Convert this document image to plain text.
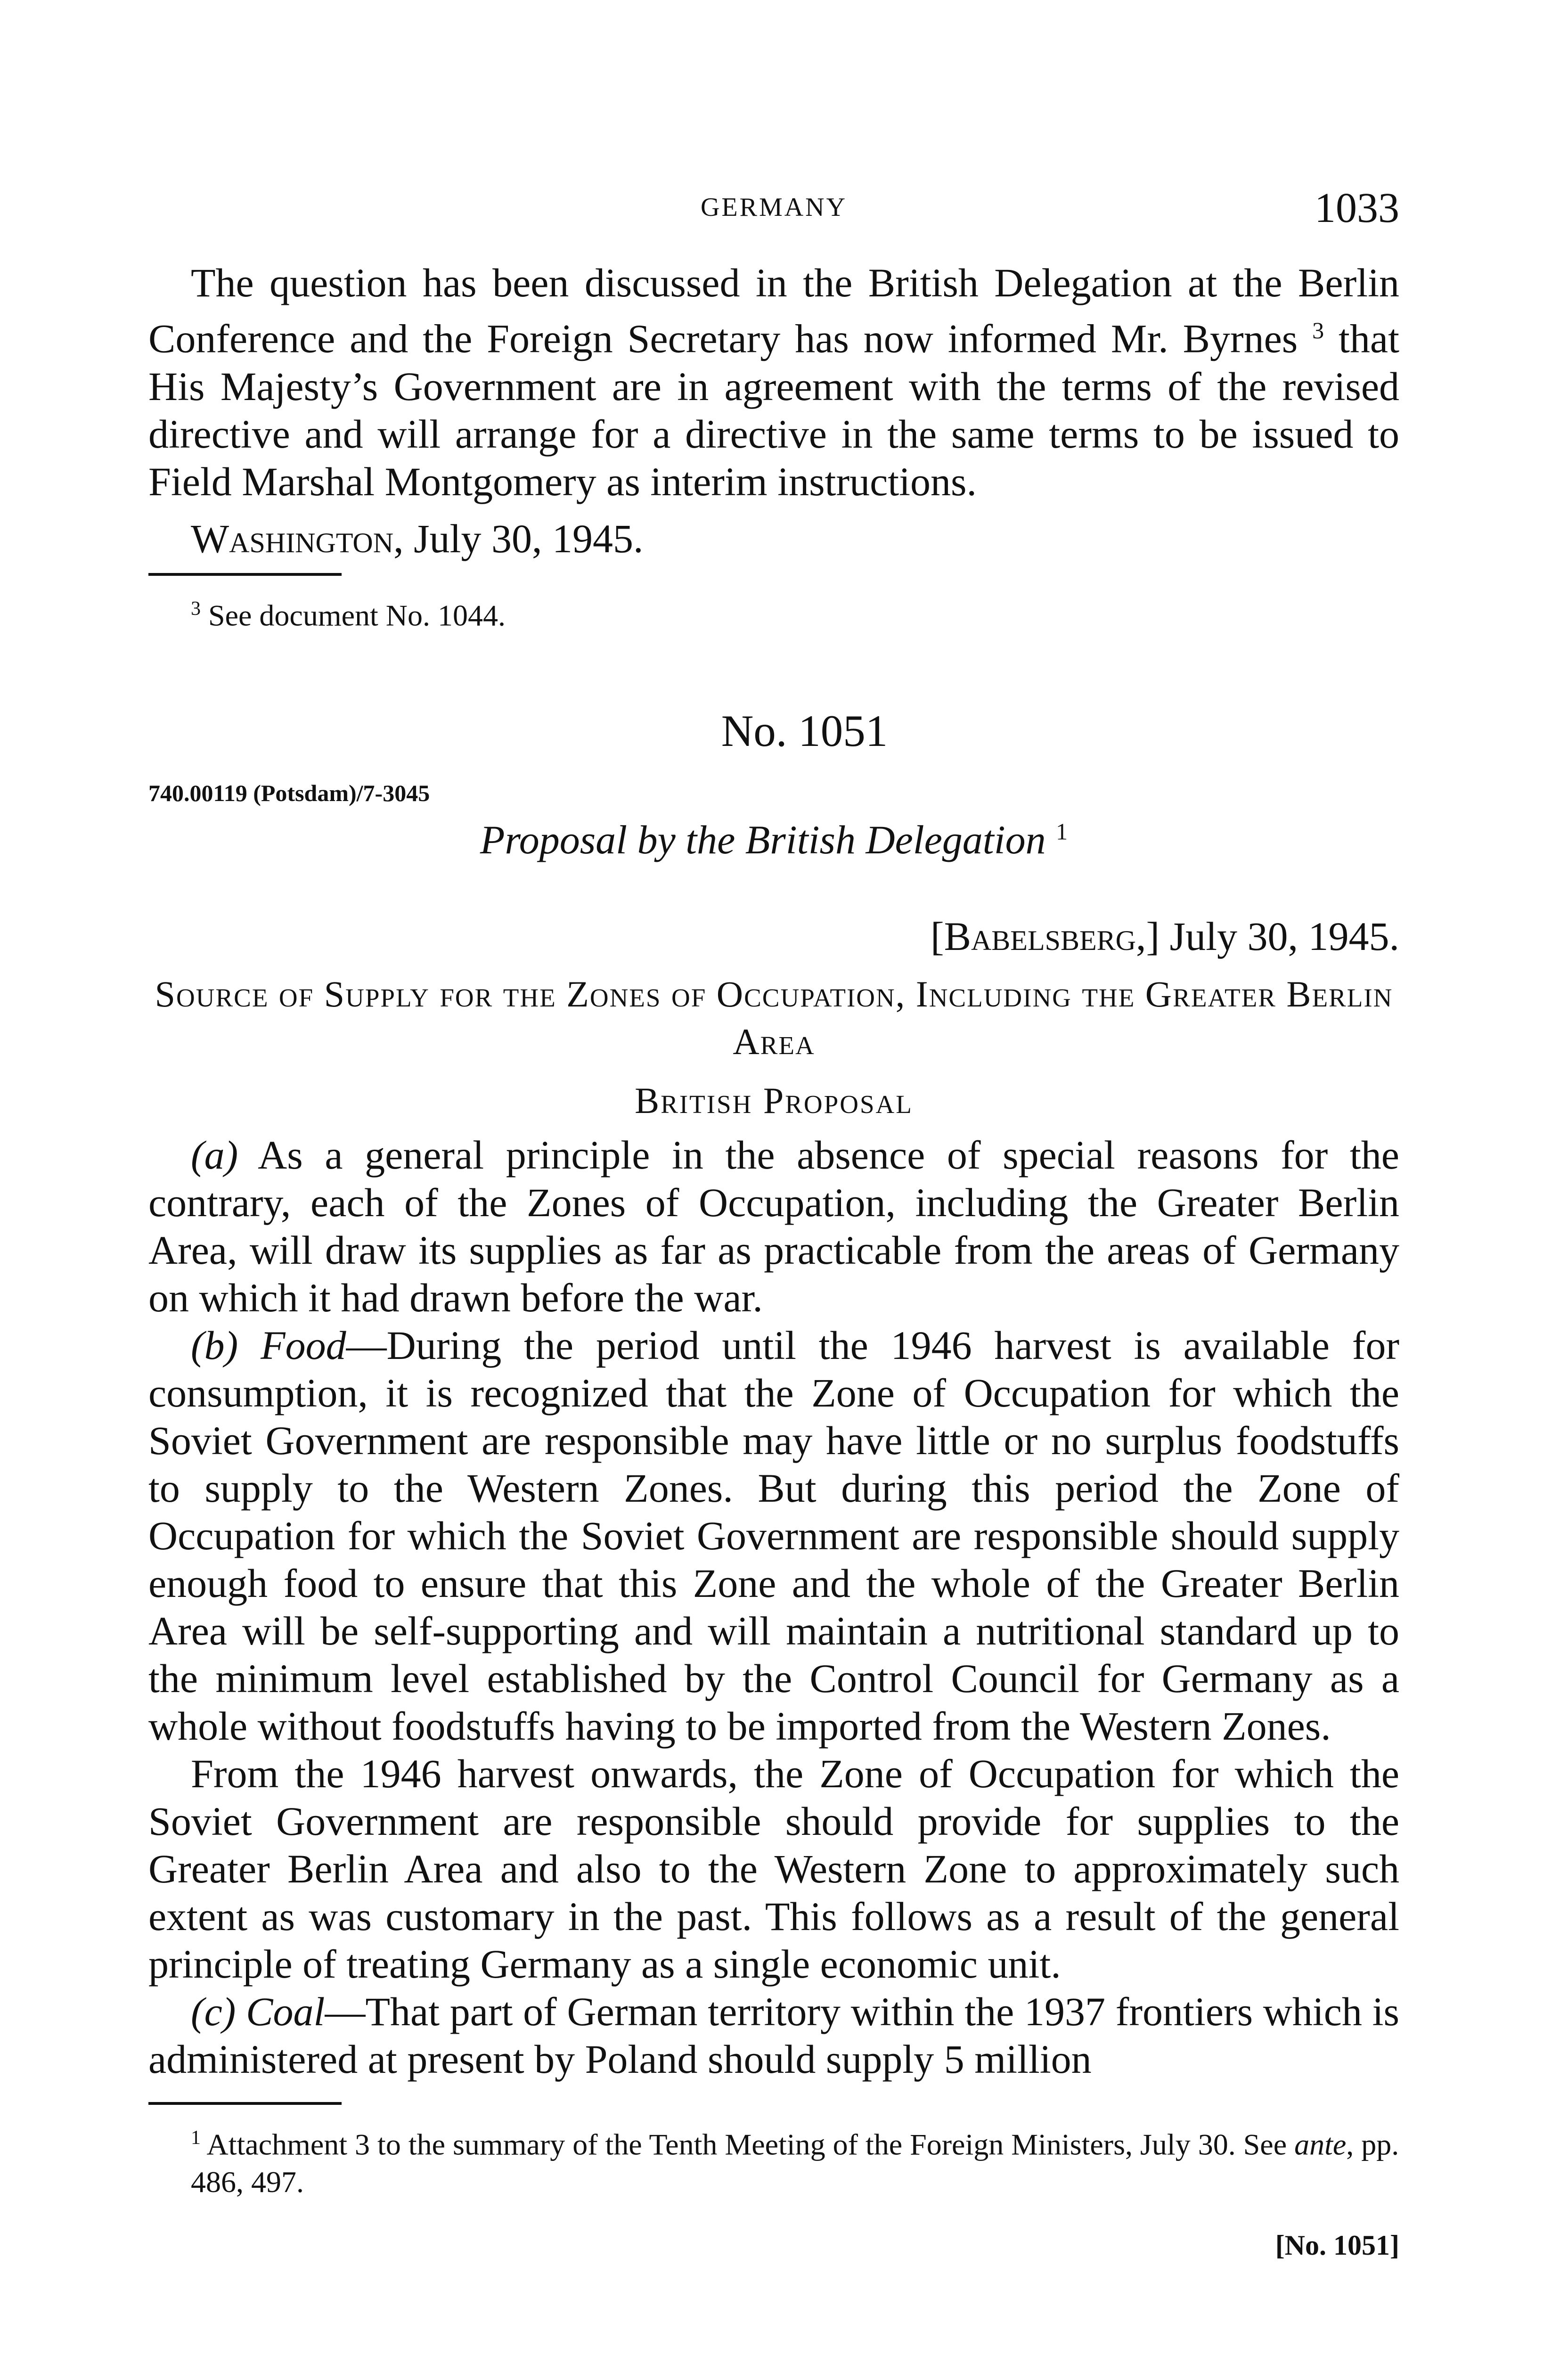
GERMANY	1033

The question has been discussed in the British Delegation at the Berlin Conference and the Foreign Secretary has now informed Mr. Byrnes $^3$ that His Majesty’s Government are in agreement with the terms of the revised directive and will arrange for a directive in the same terms to be issued to Field Marshal Montgomery as interim instructions.

Washington, July 30, 1945.
$^3$ See document No. 1044.
No. 1051
740.00119 (Potsdam)/7-3045
Proposal by the British Delegation $^1$
[Babelsberg,] July 30, 1945.
Source of Supply for the Zones of Occupation, Including the Greater Berlin Area
British Proposal

(a) As a general principle in the absence of special reasons for the contrary, each of the Zones of Occupation, including the Greater Berlin Area, will draw its supplies as far as practicable from the areas of Germany on which it had drawn before the war.

(b) Food—During the period until the 1946 harvest is available for consumption, it is recognized that the Zone of Occupation for which the Soviet Government are responsible may have little or no surplus foodstuffs to supply to the Western Zones. But during this period the Zone of Occupation for which the Soviet Government are responsible should supply enough food to ensure that this Zone and the whole of the Greater Berlin Area will be self-supporting and will maintain a nutritional standard up to the minimum level established by the Control Council for Germany as a whole without foodstuffs having to be imported from the Western Zones.

From the 1946 harvest onwards, the Zone of Occupation for which the Soviet Government are responsible should provide for supplies to the Greater Berlin Area and also to the Western Zone to approximately such extent as was customary in the past. This follows as a result of the general principle of treating Germany as a single economic unit.

(c) Coal—That part of German territory within the 1937 frontiers which is administered at present by Poland should supply 5 million

$^1$ Attachment 3 to the summary of the Tenth Meeting of the Foreign Ministers, July 30. See ante, pp. 486, 497.
[No. 1051]
